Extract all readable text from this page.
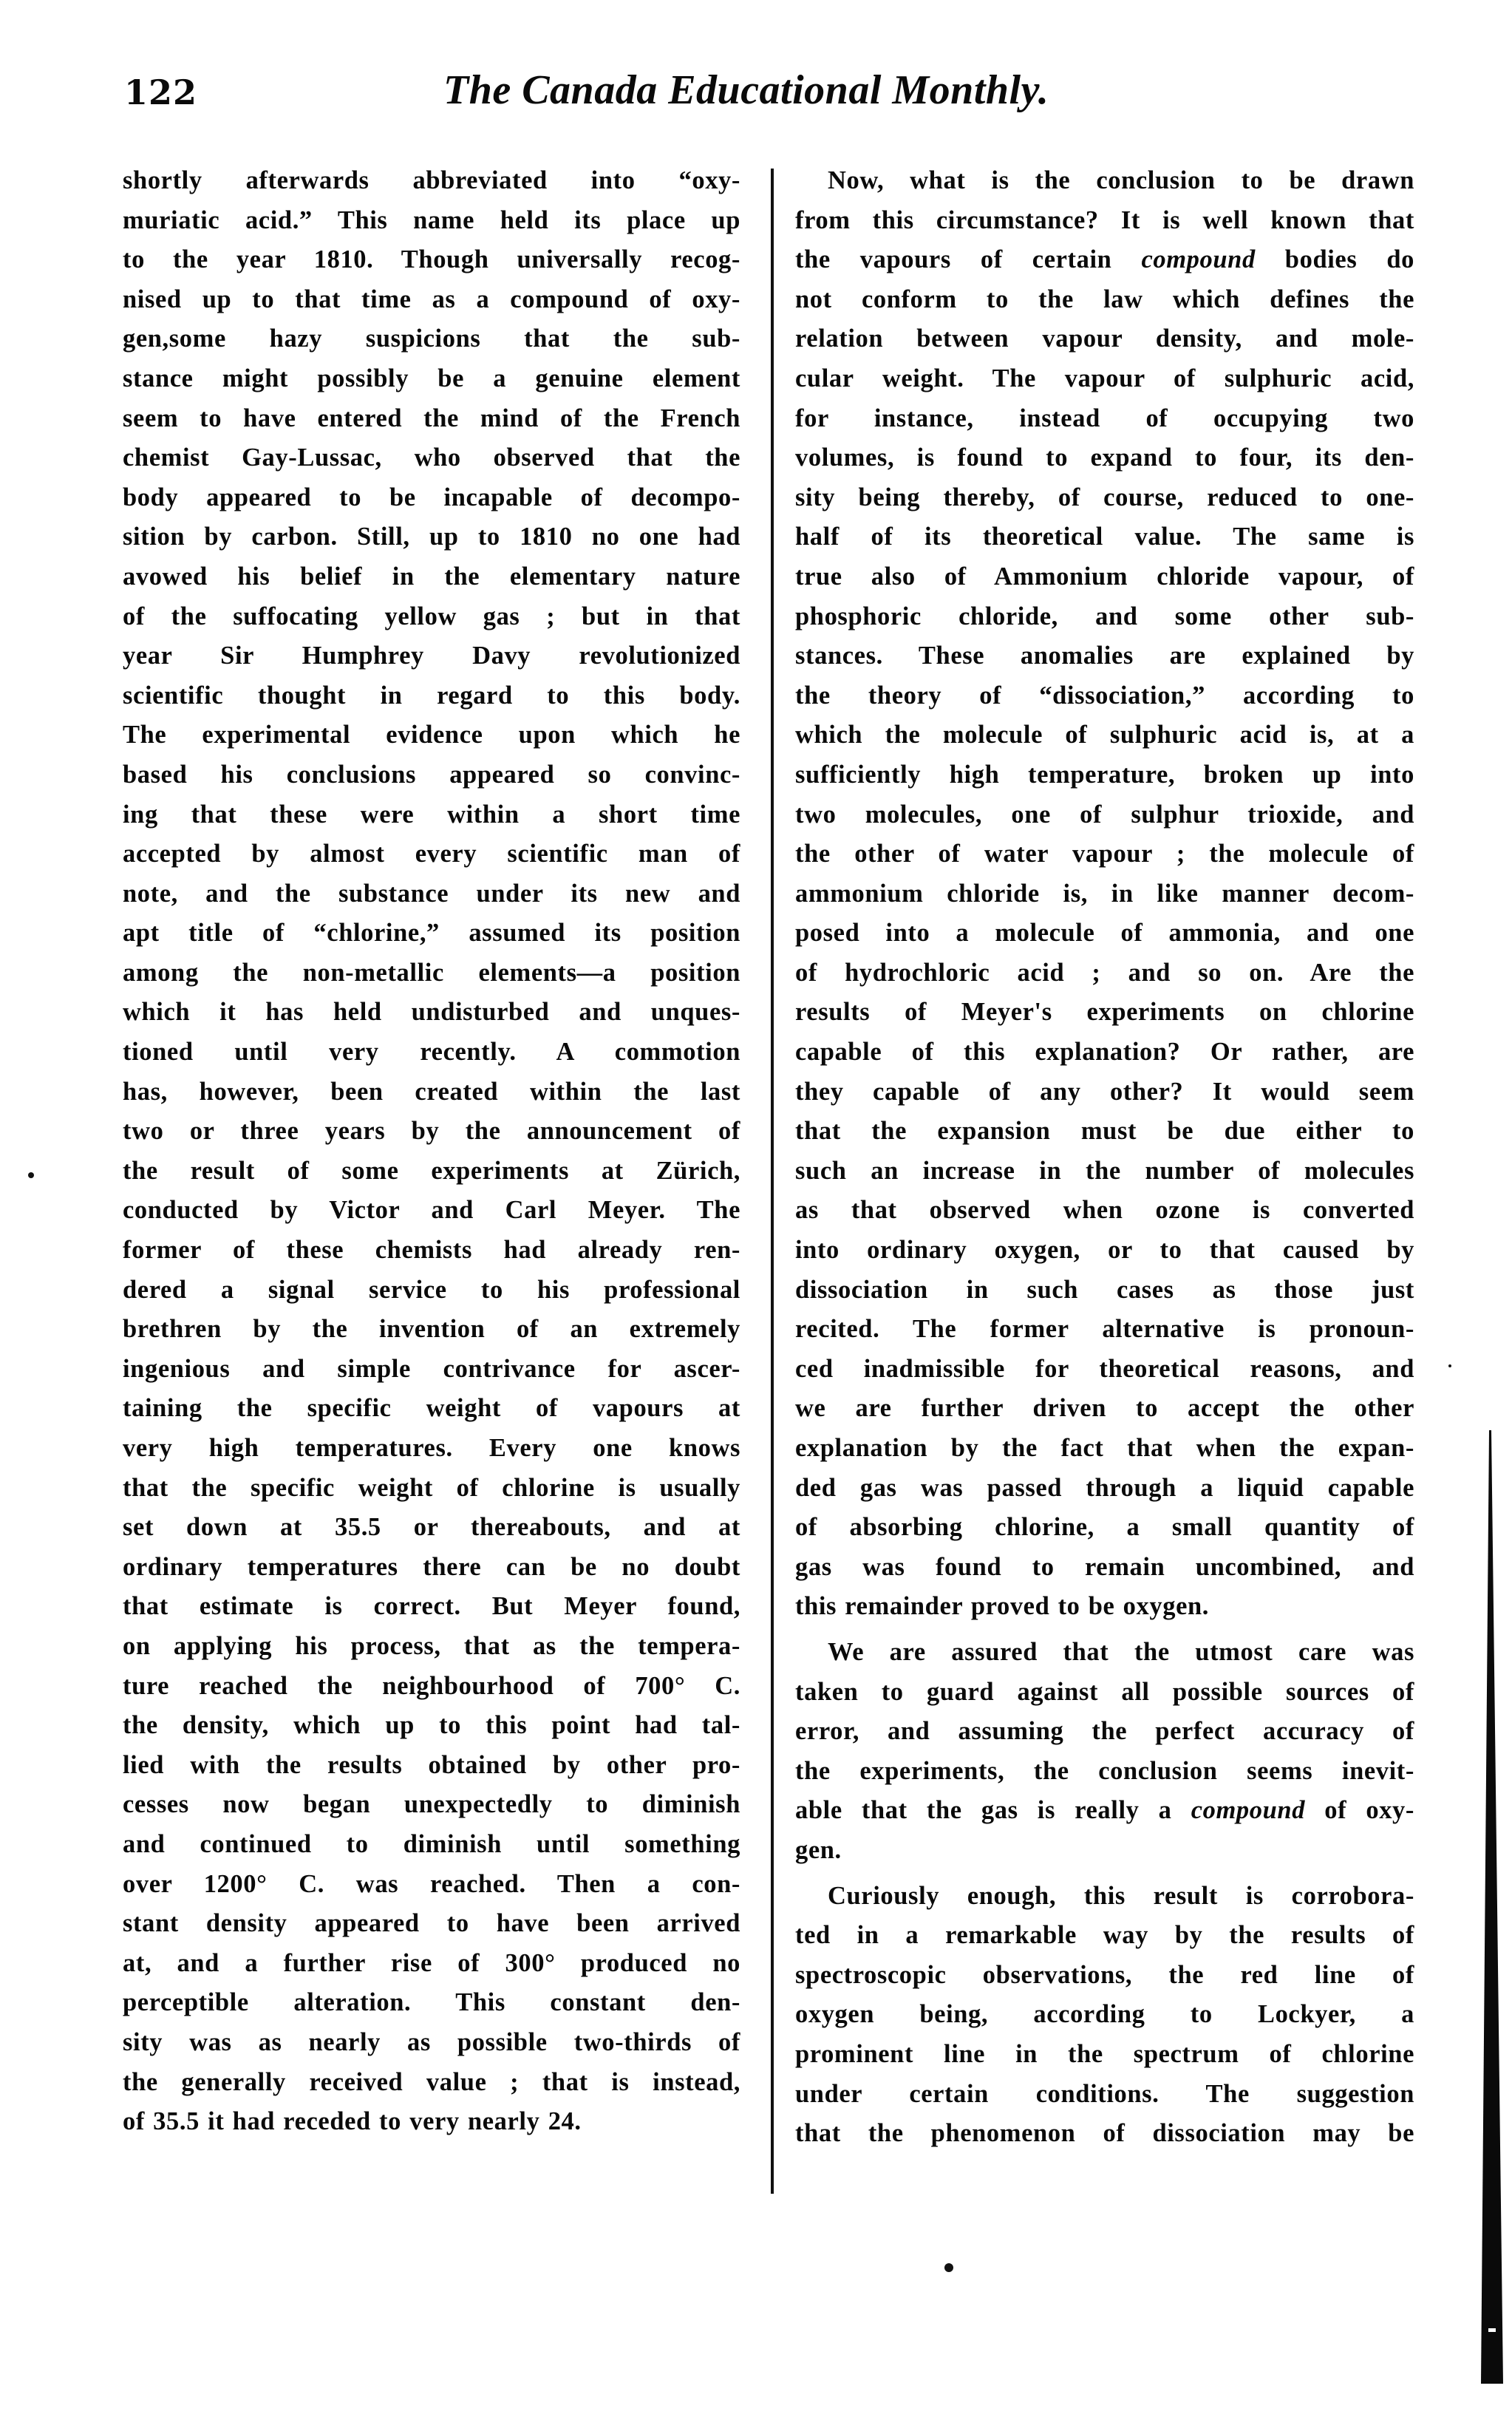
122	The Canada Educational Monthly.
shortly afterwards abbreviated into “oxy-
muriatic acid.” This name held its place up
to the year 1810. Though universally recog-
nised up to that time as a compound of oxy-
gen,some hazy suspicions that the sub-
stance might possibly be a genuine element
seem to have entered the mind of the French
chemist Gay-Lussac, who observed that the
body appeared to be incapable of decompo-
sition by carbon. Still, up to 1810 no one had
avowed his belief in the elementary nature
of the suffocating yellow gas ; but in that
year Sir Humphrey Davy revolutionized
scientific thought in regard to this body.
The experimental evidence upon which he
based his conclusions appeared so convinc-
ing that these were within a short time
accepted by almost every scientific man of
note, and the substance under its new and
apt title of “chlorine,” assumed its position
among the non-metallic elements—a position
which it has held undisturbed and unques-
tioned until very recently. A commotion
has, however, been created within the last
two or three years by the announcement of
the result of some experiments at Zürich,
conducted by Victor and Carl Meyer. The
former of these chemists had already ren-
dered a signal service to his professional
brethren by the invention of an extremely
ingenious and simple contrivance for ascer-
taining the specific weight of vapours at
very high temperatures. Every one knows
that the specific weight of chlorine is usually
set down at 35.5 or thereabouts, and at
ordinary temperatures there can be no doubt
that estimate is correct. But Meyer found,
on applying his process, that as the tempera-
ture reached the neighbourhood of 700° C.
the density, which up to this point had tal-
lied with the results obtained by other pro-
cesses now began unexpectedly to diminish
and continued to diminish until something
over 1200° C. was reached. Then a con-
stant density appeared to have been arrived
at, and a further rise of 300° produced no
perceptible alteration. This constant den-
sity was as nearly as possible two-thirds of
the generally received value ; that is instead,
of 35.5 it had receded to very nearly 24.
Now, what is the conclusion to be drawn
from this circumstance? It is well known that
the vapours of certain compound bodies do
not conform to the law which defines the
relation between vapour density, and mole-
cular weight. The vapour of sulphuric acid,
for instance, instead of occupying two
volumes, is found to expand to four, its den-
sity being thereby, of course, reduced to one-
half of its theoretical value. The same is
true also of Ammonium chloride vapour, of
phosphoric chloride, and some other sub-
stances. These anomalies are explained by
the theory of “dissociation,” according to
which the molecule of sulphuric acid is, at a
sufficiently high temperature, broken up into
two molecules, one of sulphur trioxide, and
the other of water vapour ; the molecule of
ammonium chloride is, in like manner decom-
posed into a molecule of ammonia, and one
of hydrochloric acid ; and so on. Are the
results of Meyer's experiments on chlorine
capable of this explanation? Or rather, are
they capable of any other? It would seem
that the expansion must be due either to
such an increase in the number of molecules
as that observed when ozone is converted
into ordinary oxygen, or to that caused by
dissociation in such cases as those just
recited. The former alternative is pronoun-
ced inadmissible for theoretical reasons, and
we are further driven to accept the other
explanation by the fact that when the expan-
ded gas was passed through a liquid capable
of absorbing chlorine, a small quantity of
gas was found to remain uncombined, and
this remainder proved to be oxygen.
We are assured that the utmost care was
taken to guard against all possible sources of
error, and assuming the perfect accuracy of
the experiments, the conclusion seems inevit-
able that the gas is really a compound of oxy-
gen.
Curiously enough, this result is corrobora-
ted in a remarkable way by the results of
spectroscopic observations, the red line of
oxygen being, according to Lockyer, a
prominent line in the spectrum of chlorine
under certain conditions. The suggestion
that the phenomenon of dissociation may be
